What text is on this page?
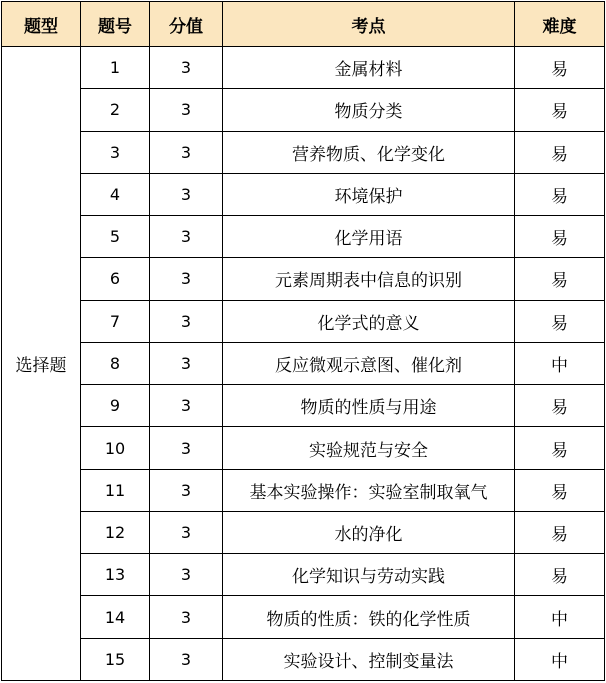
题型	题号	分值	考点	难度
选择题	1	3	金属材料	易
	2	3	物质分类	易
	3	3	营养物质、化学变化	易
	4	3	环境保护	易
	5	3	化学用语	易
	6	3	元素周期表中信息的识别	易
	7	3	化学式的意义	易
	8	3	反应微观示意图、催化剂	中
	9	3	物质的性质与用途	易
	10	3	实验规范与安全	易
	11	3	基本实验操作：实验室制取氧气	易
	12	3	水的净化	易
	13	3	化学知识与劳动实践	易
	14	3	物质的性质：铁的化学性质	中
	15	3	实验设计、控制变量法	中
